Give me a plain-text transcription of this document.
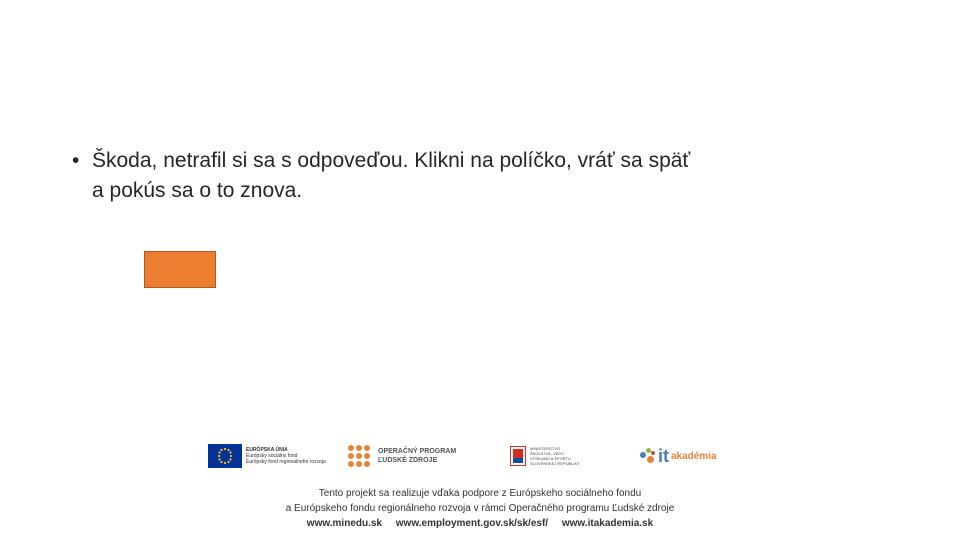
• Škoda, netrafil si sa s odpoveďou. Klikni na políčko, vráť sa späť
a pokús sa o to znova.
EURÓPSKA ÚNIA
Európsky sociálny fond
Európsky fond regionálneho rozvoja
OPERAČNÝ PROGRAM
ĽUDSKÉ ZDROJE
MINISTERSTVO
ŠKOLSTVA, VEDY,
VÝSKUMU A ŠPORTU
SLOVENSKEJ REPUBLIKY	it akadémia
Tento projekt sa realizuje vďaka podpore z Európskeho sociálneho fondu
a Európskeho fondu regionálneho rozvoja v rámci Operačného programu Ľudské zdroje
www.minedu.sk www.employment.gov.sk/sk/esf/ www.itakademia.sk
